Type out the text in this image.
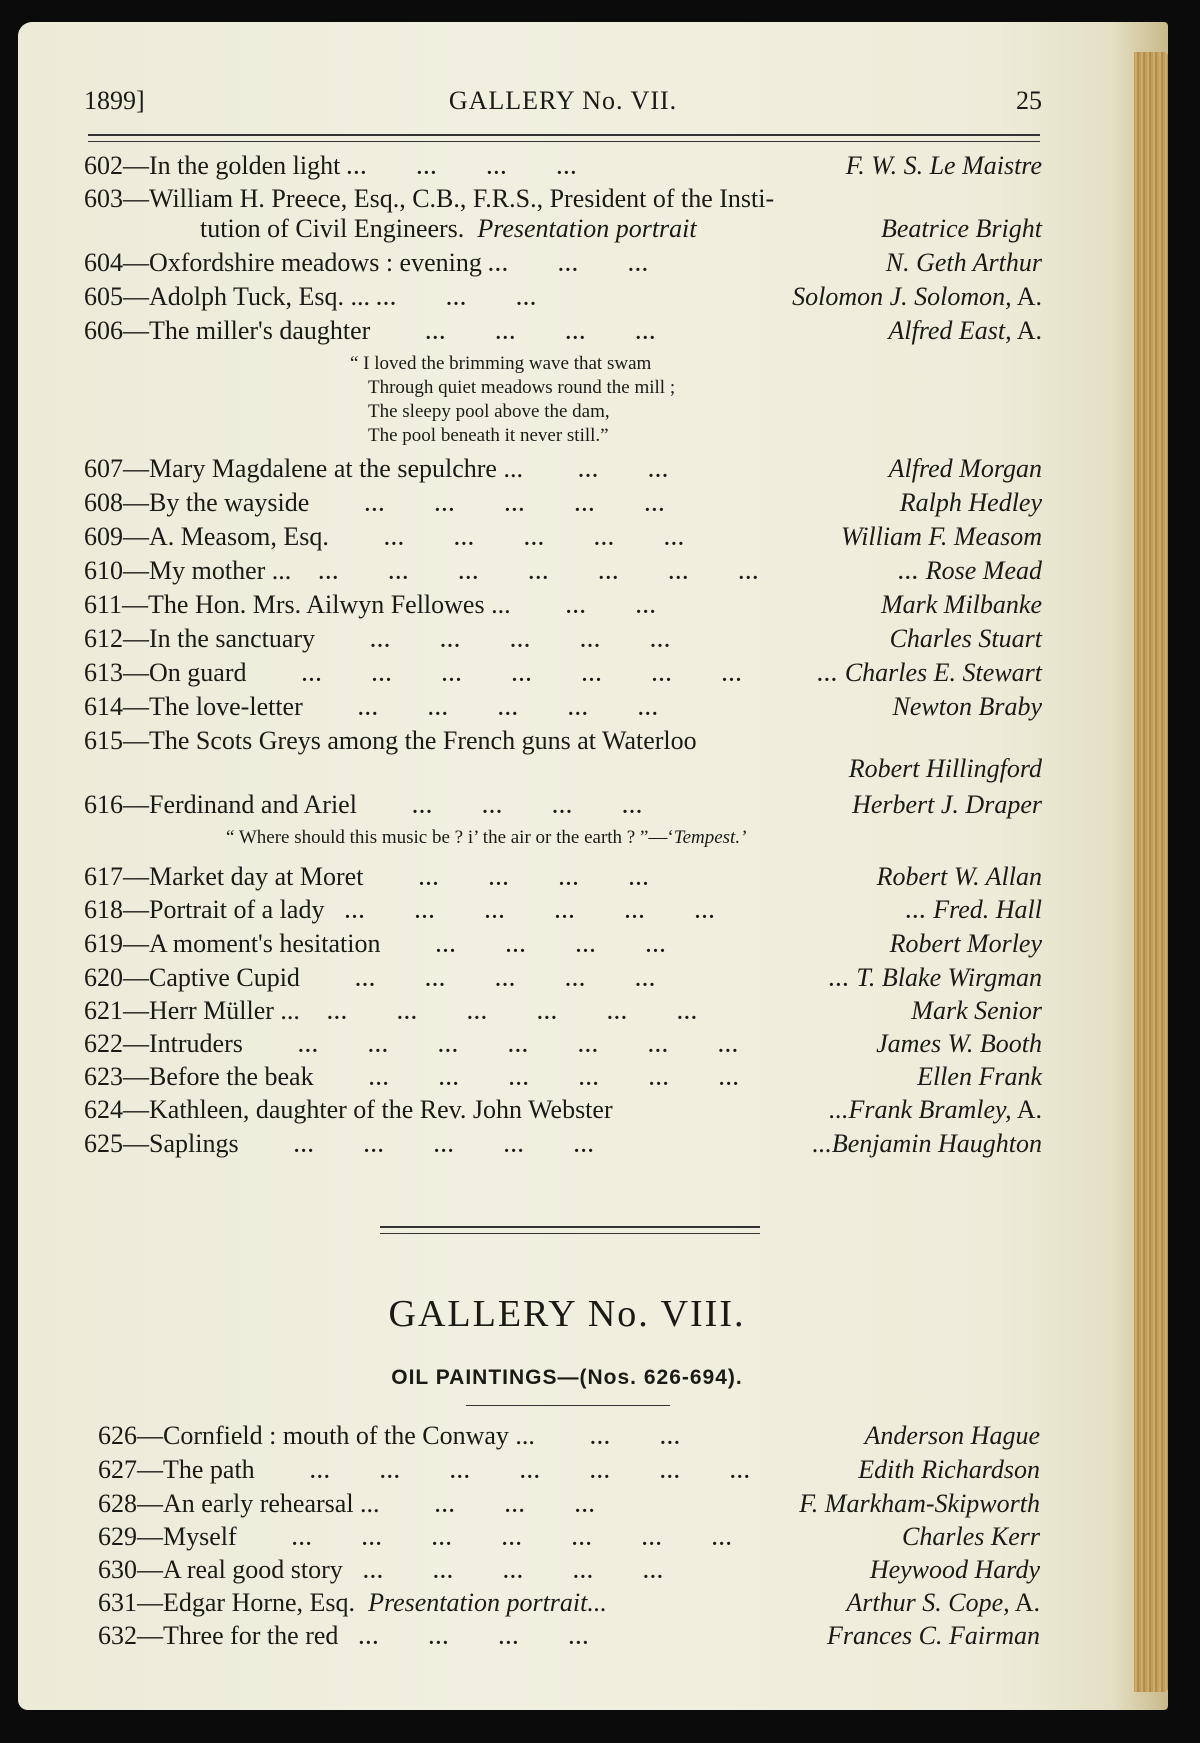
1899]	GALLERY No. VII.	25
602—In the golden light ...       ...       ...       ...	F. W. S. Le Maistre
603—William H. Preece, Esq., C.B., F.R.S., President of the Insti-
tution of Civil Engineers. Presentation portrait	Beatrice Bright
604—Oxfordshire meadows : evening ...       ...       ...	N. Geth Arthur
605—Adolph Tuck, Esq. ... ...       ...       ...	Solomon J. Solomon, A.
606—The miller's daughter        ...       ...       ...       ...	Alfred East, A.
“ I loved the brimming wave that swam
Through quiet meadows round the mill ;
The sleepy pool above the dam,
The pool beneath it never still.”
607—Mary Magdalene at the sepulchre ...        ...       ...	Alfred Morgan
608—By the wayside        ...       ...       ...       ...       ...	Ralph Hedley
609—A. Measom, Esq.        ...       ...       ...       ...       ...	William F. Measom
610—My mother ...    ...       ...       ...       ...       ...       ...       ...	... Rose Mead
611—The Hon. Mrs. Ailwyn Fellowes ...        ...       ...	Mark Milbanke
612—In the sanctuary        ...       ...       ...       ...       ...	Charles Stuart
613—On guard        ...       ...       ...       ...       ...       ...       ...	... Charles E. Stewart
614—The love-letter        ...       ...       ...       ...       ...	Newton Braby
615—The Scots Greys among the French guns at Waterloo
Robert Hillingford
616—Ferdinand and Ariel        ...       ...       ...       ...	Herbert J. Draper
“ Where should this music be ? i’ the air or the earth ? ”—‘Tempest.’
617—Market day at Moret        ...       ...       ...       ...	Robert W. Allan
618—Portrait of a lady   ...       ...       ...       ...       ...       ...	... Fred. Hall
619—A moment's hesitation        ...       ...       ...       ...	Robert Morley
620—Captive Cupid        ...       ...       ...       ...       ...	... T. Blake Wirgman
621—Herr Müller ...    ...       ...       ...       ...       ...       ...	Mark Senior
622—Intruders        ...       ...       ...       ...       ...       ...       ...	James W. Booth
623—Before the beak        ...       ...       ...       ...       ...       ...	Ellen Frank
624—Kathleen, daughter of the Rev. John Webster	...Frank Bramley, A.
625—Saplings        ...       ...       ...       ...       ...	...Benjamin Haughton
GALLERY No. VIII.
OIL PAINTINGS—(Nos. 626-694).
626—Cornfield : mouth of the Conway ...        ...       ...	Anderson Hague
627—The path        ...       ...       ...       ...       ...       ...       ...	Edith Richardson
628—An early rehearsal ...        ...       ...       ...	F. Markham-Skipworth
629—Myself        ...       ...       ...       ...       ...       ...       ...	Charles Kerr
630—A real good story   ...       ...       ...       ...       ...	Heywood Hardy
631—Edgar Horne, Esq. Presentation portrait...	Arthur S. Cope, A.
632—Three for the red   ...       ...       ...       ...	Frances C. Fairman
